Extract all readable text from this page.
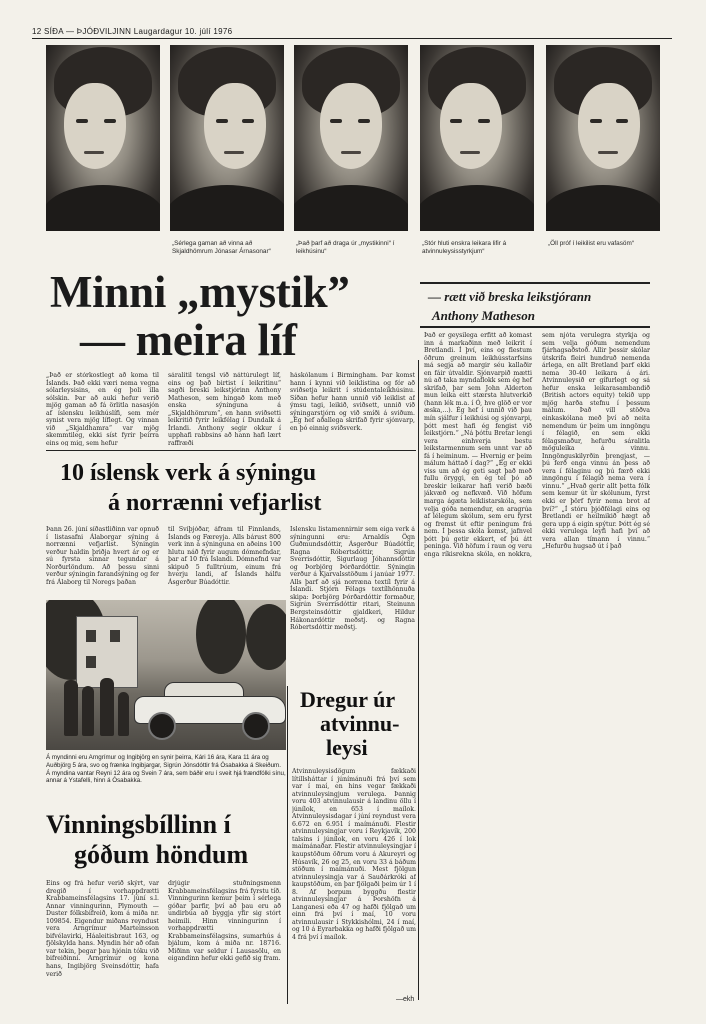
12 SÍÐA — ÞJÓÐVILJINN Laugardagur 10. júlí 1976
„Sérlega gaman að vinna að Skjaldhömrum Jónasar Árnasonar“
„Það þarf að draga úr „mystikinni“ í leikhúsinu“
„Stór hluti enskra leikara lifir á atvinnuleysisstyrkjum“
„Öll próf í leikilist eru vafasöm“
Minni „mystik”
— meira líf
— rætt við breska leikstjórann
Anthony Matheson
„Það er stórkostlegt að koma til Íslands. Það ekki væri nema vegna sólarleysisins, en ég þoli illa sólskin. Þar að auki hefur verið mjög gaman að fá örlitla nasasjón af íslensku leikhúslífi, sem mér synist vera mjög líflegt. Og vinnan við „Skjaldhamra“ var mjög skemmtileg, ekki síst fyrir þeirra eins og mig, sem hefur
sáralítil tengsl við náttúrulegt líf, eins og það birtist í leikritinu“ sagði breski leikstjórinn Anthony Matheson, sem hingað kom með enska sýninguna á „Skjaldhömrum“, en hann sviðsetti leikritið fyrir leikfélag í Dundalk á Írlandi. Anthony segir okkur í upphafi rabbsins að hann hafi lært raffræði
háskólanum í Birmingham. Þar komst hann í kynni við leiklistina og fór að sviðsetja leikrit í stúdentaleikhúsinu. Síðan hefur hann unnið við leiklist af ýmsu tagi, leikið, sviðsett, unnið við sýningarstjórn og við smíði á sviðum. „Ég hef aðallega skrifað fyrir sjónvarp, en þó einnig sviðsverk.
10 íslensk verk á sýningu
á norrænni vefjarlist
Þann 26. júní síðastliðinn var opnuð í listasafni Álaborgar sýning á norrænni vefjarlist. Sýningin verður haldin þriðja hvert ár og er sú fyrsta sinnar tegundar á Norðurlöndum. Að þessu sinni verður sýningin farandsýning og fer frá Álaborg til Noregs þaðan
til Svíþjóðar, áfram til Finnlands, Íslands og Færeyja. Alls bárust 800 verk inn á sýninguna en aðeins 100 hlutu náð fyrir augum dómnefndar, þar af 10 frá Íslandi. Dómnefnd var skipuð 5 fulltrúum, einum frá hverju landi, af Íslands hálfu Ásgerður Búadóttir.
Íslensku listamennirnir sem eiga verk á sýningunni eru: Arnaldís Ögn Guðmundsdóttir, Ásgerður Búadóttir, Ragna Róbertsdóttir, Sigrún Sverrisdóttir, Sigurlaug Jóhannsdóttir og Þorbjörg Þórðardóttir. Sýningin verður á Kjarvalsstöðum í janúar 1977. Alls þarf að sjá norræna textíl fyrir á Íslandi. Stjórn Félags textílhönnuða skipa: Þorbjörg Þórðardóttir formaður, Sigrún Sverrisdóttir ritari, Steinunn Bergsteinsdóttir gjaldkeri, Hildur Hákonardóttir meðstj. og Ragna Róbertsdóttir meðstj.
Á myndinni eru Arngrímur og Ingibjörg en synir þeirra, Kári 16 ára, Kara 11 ára og Auðbjörg 5 ára, svo og frænka Ingibjargar, Sigrún Jónsdóttir frá Ósabakka á Skeiðum. Á myndina vantar Reyni 12 ára og Svein 7 ára, sem báðir eru í sveit hjá frændfólki sínu, annar á Ystafelli, hinn á Ósabakka.
Vinningsbíllinn í
góðum höndum
Eins og frá hefur verið skýrt, var dregið í vorhappdrætti Krabbameinsfélagsins 17. júní s.l. Annar vinningurinn, Plymouth — Duster fólksbifreið, kom á miða nr. 109854. Eigendur miðans reyndust vera Arngrímur Marteinsson bifvélavirki, Háaleitisbraut 163, og fjölskylda hans. Myndin hér að ofan var tekin, þegar þau hjónin tóku við bifreiðinni. Arngrímur og kona hans, Ingibjörg Sveinsdóttir, hafa verið
drjúgir stuðningsmenn Krabbameinsfélagsins frá fyrstu tíð. Vinningurinn kemur þeim í sérlega góðar þarfir, því að þau eru að undirbúa að byggja yfir sig stórt heimili. Hinn vinningurinn í vorhappdrætti Krabbameinsfélagsins, sumarhús á bjálum, kom á miða nr. 18716. Miðinn var seldur í Lausasölu, en eigandinn hefur ekki gefið sig fram.
Dregur úr
atvinnu-
leysi
Atvinnuleysisdögum fækkaði lítillsháttar í júnímánuði frá því sem var í maí, en hins vegar fækkaði atvinnuleysingjum verulega. Þannig voru 403 atvinnulausir á landinu öllu í júnílok, en 653 í maílok. Atvinnuleysisdagar í júní reyndust vera 6.672 en 6.951 í maímánuði. Flestir atvinnuleysingjar voru í Reykjavík, 200 talsins í júnílok, en voru 426 í lok maímánaðar. Flestir atvinnuleysingjar í kaupstöðum öðrum voru á Akureyri og Húsavík, 26 og 25, en voru 33 á báðum stöðum í maímánuði. Mest fjölgun atvinnuleysingja var á Sauðárkróki af kaupstöðum, en þar fjölgaði þeim úr 1 í 8. Af þorpum byggðu flestir atvinnuleysingjar á Þorshöfn á Langanesi eða 47 og hafði fjölgað um einn frá því í maí, 10 voru atvinnulausir í Stykkishólmi, 24 í maí, og 10 á Eyrarbakka og hafði fjölgað um 4 frá því í maílok.
—ekh
Það er geysilega erfitt að komast inn á markaðinn með leikrit í Bretlandi. Í því, eins og flestum öðrum greinum leikhússtarfsins má segja að margir séu kallaðir en fáir útvaldir. Sjónvarpið mætti nú að taka myndaflokk sem ég hef skrifað, þar sem John Alderton mun leika eitt stærsta hlutverkið (hann lék m.a. í Ó, hve glöð er vor æska,...). Ég hef í unnið við þau mín sjálfur í leikhúsi og sjónvarpi, þótt mest hafi ég fengist við leikstjórn.“ „Ná þóttu Bretar lengi vera einhverja bestu leikstarmennum sem unnt var að fá í heiminum. — Hvernig er þeim málum háttað í dag?“ „Ég er ekki viss um að ég geti sagt það með fullu öryggi, en ég tel þó að breskir leikarar hafi verið bæði jákvæð og nefkvæð. Við höfum marga ágæta leiklistarskóla, sem velja góða nemendur, en aragrúa af lélegum skólum, sem eru fyrst og fremst út eftir peningum frá nem. Í þessa skóla kemst, jafnvel þótt þú getir ekkert, ef þú átt peninga. Við höfum í raun og veru enga ríkisrekna skóla, en nokkra, sem njóta verulegra styrkja og sem velja góðum nemendum fjárhagsaðstoð. Allir þessir skólar útskrifa fleiri hundruð nemenda árlega, en allt Bretland þarf ekki nema 30-40 leikara á ári. Atvinnuleysið er gífurlegt og sá hefur enska leikarasambandið (British actors equity) tekið upp mjög harða stefnu í þessum málum. Það vill stöðva einkaskólana með því að neita nemendum úr þeim um inngöngu í félagið, en sem ekki félagsmaður, hefurðu sáralitla möguleika á vinnu. Inngönguskilyrðin þrengjast, — þú ferð enga vinnu án þess að vera í félaginu og þú færð ekki inngöngu í félagið nema vera í vinnu.“ „Hvað gerir allt þetta fólk sem kemur út úr skólunum, fyrst ekki er þörf fyrir nema brot af því?“ „Í stóru þjóðfélagi eins og Bretlandi er heilmikið hægt að gera upp á eigin spýtur. Þótt ég sé ekki verulega leyfi hafi því að vera allan tímann í vinnu.“ „Hefurðu hugsað út í það
